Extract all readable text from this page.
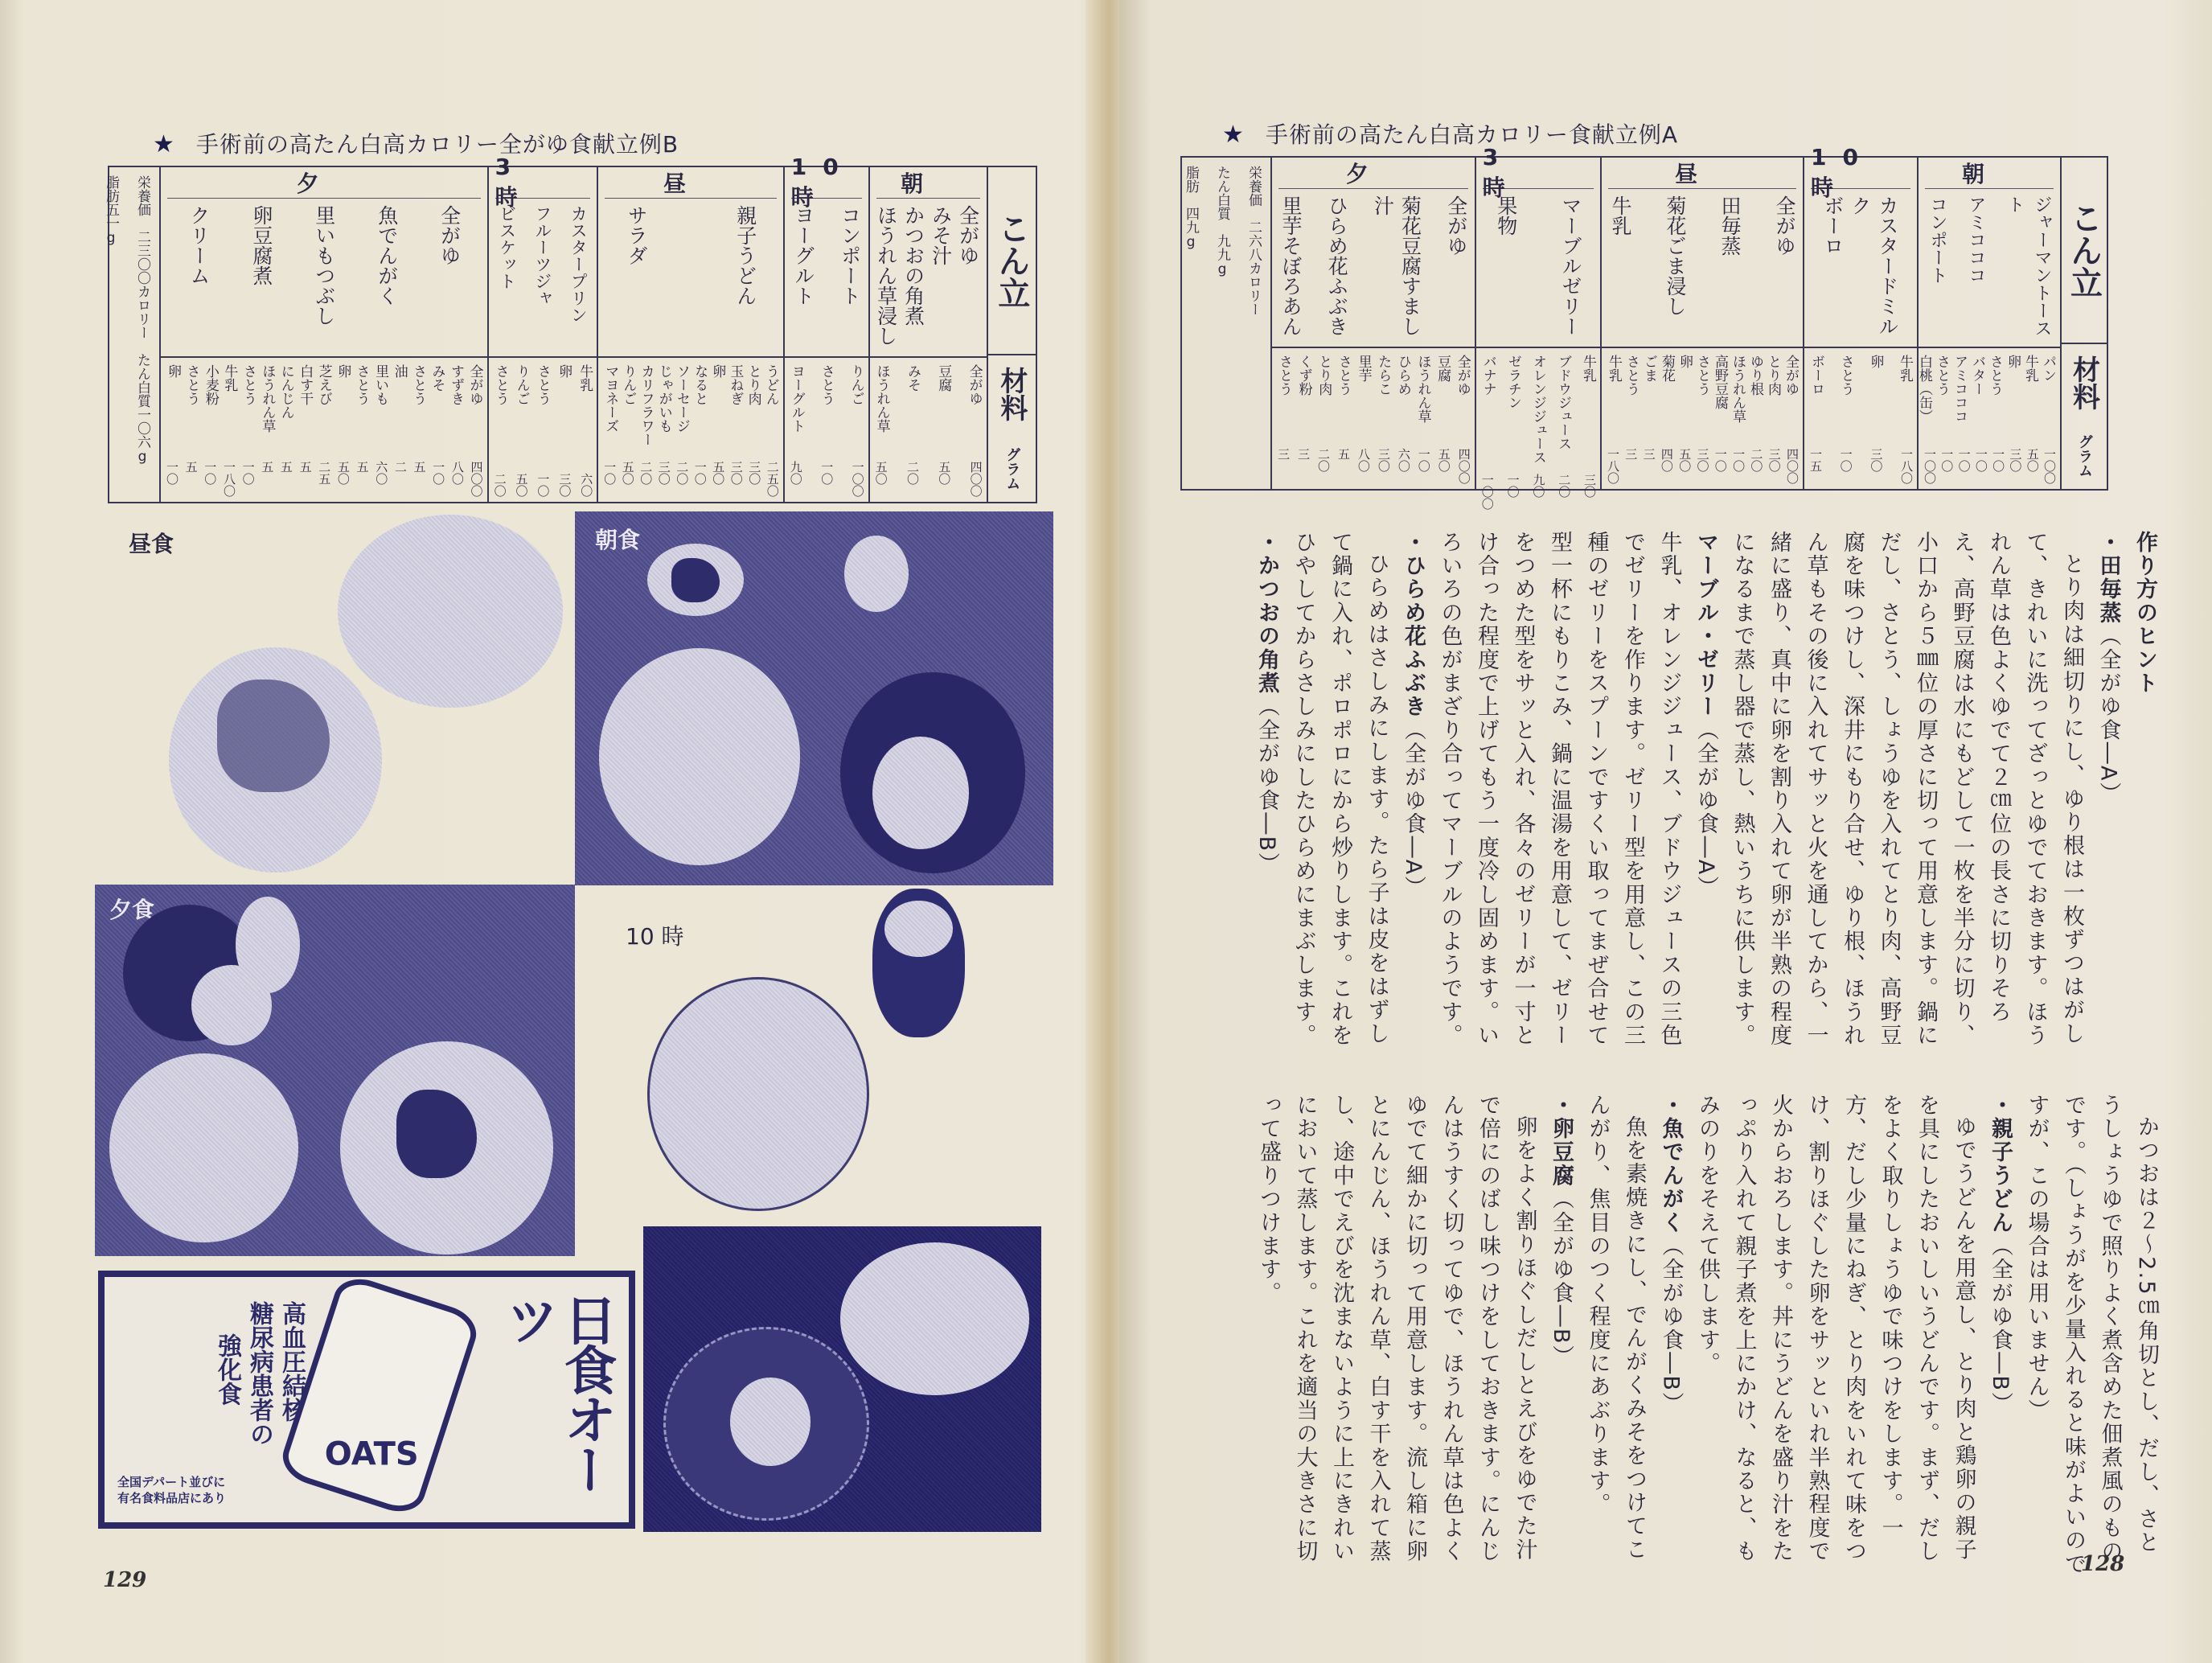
★ 手術前の高たん白高カロリー全がゆ食献立例B
こん立
材料
グラム
朝
全がゆ
みそ汁
かつおの角煮
ほうれん草浸し
全がゆ
豆腐
みそ
ほうれん草
四〇〇
五〇
二〇
五〇
10 時
コンポート
ヨーグルト
りんご
さとう
ヨーグルト
一〇〇
一〇
九〇
昼
親子うどん
サラダ
うどん
とり肉
玉ねぎ
卵
なると
ソーセージ
じゃがいも
カリフラワー
りんご
マヨネーズ
二五〇
三〇
三〇
五〇
一〇
二〇
三〇
二〇
五〇
一〇
3 時
カスタープリン
フルーツジャ
ビスケット
牛乳
卵
さとう
りんご
さとう
六〇
三〇
一〇
五〇
二〇
夕
全がゆ
魚でんがく
里いもつぶし
卵豆腐煮
クリーム
全がゆ
すずき
みそ
さとう
油
里いも
さとう
卵
芝えび
白す干
にんじん
ほうれん草
さとう
牛乳
小麦粉
さとう
卵
四〇〇
八〇
一〇
五
二
六〇
五
五〇
二五
五
五
五
一〇
一八〇
一〇
五
一〇
栄養価　二三〇〇カロリー　たん白質一〇六g
脂肪五一g
昼食	朝食
夕食
10 時
高血圧結核
糖尿病患者の
強化食
全国デパート並びに
有名食料品店にあり
OATS	日食オーツ
129
★ 手術前の高たん白高カロリー食献立例A
こん立
材料
グラム
朝
ジャーマントースト
アミコココ
コンポート
パン
牛乳
卵
さとう
バター
アミコココ
さとう
白桃（缶）
一〇〇
五〇
三〇
一〇
一〇
一〇
一〇
一〇〇
10 時
カスタードミルク
ボーロ
牛乳
卵
さとう
ボーロ
一八〇
三〇
一〇
一五
昼
全がゆ
田毎蒸
菊花ごま浸し
牛乳
全がゆ
とり肉
ゆり根
ほうれん草
高野豆腐
さとう
卵
菊花
ごま
さとう
牛乳
四〇〇
三〇
二〇
一〇
一〇
三〇
五〇
四〇
三
三
一八〇
3 時
マーブルゼリー
果物
牛乳
ブドウジュース
オレンジジュース
ゼラチン
バナナ
三〇
二〇
九〇
一〇
一〇〇
夕
全がゆ
菊花豆腐すまし汁
ひらめ花ふぶき
里芋そぼろあん
全がゆ
豆腐
ほうれん草
ひらめ
たらこ
里芋
さとう
とり肉
くず粉
さとう
四〇〇
五〇
一〇
六〇
三〇
八〇
五
二〇
三
三
栄養価　二六八カロリー
たん白質　九九g
脂肪　四九g

作り方のヒント

・田毎蒸（全がゆ食―A）

とり肉は細切りにし、ゆり根は一枚ずつはがして、きれいに洗ってざっとゆでておきます。ほうれん草は色よくゆでて２㎝位の長さに切りそろえ、高野豆腐は水にもどして一枚を半分に切り、小口から５㎜位の厚さに切って用意します。鍋にだし、さとう、しょうゆを入れてとり肉、高野豆腐を味つけし、深井にもり合せ、ゆり根、ほうれん草もその後に入れてサッと火を通してから、一緒に盛り、真中に卵を割り入れて卵が半熟の程度になるまで蒸し器で蒸し、熱いうちに供します。

マーブル・ゼリー（全がゆ食―A）

牛乳、オレンジジュース、ブドウジュースの三色でゼリーを作ります。ゼリー型を用意し、この三種のゼリーをスプーンですくい取ってまぜ合せて型一杯にもりこみ、鍋に温湯を用意して、ゼリーをつめた型をサッと入れ、各々のゼリーが一寸とけ合った程度で上げてもう一度冷し固めます。いろいろの色がまざり合ってマーブルのようです。

・ひらめ花ふぶき（全がゆ食―A）

ひらめはさしみにします。たら子は皮をはずして鍋に入れ、ポロポロにから炒りします。これをひやしてからさしみにしたひらめにまぶします。

・かつおの角煮（全がゆ食―B）

かつおは２～2.5㎝角切とし、だし、さとうしょうゆで照りよく煮含めた佃煮風のものです。（しょうがを少量入れると味がよいのですが、この場合は用いません）

・親子うどん（全がゆ食―B）

ゆでうどんを用意し、とり肉と鶏卵の親子を具にしたおいしいうどんです。まず、だしをよく取りしょうゆで味つけをします。一方、だし少量にねぎ、とり肉をいれて味をつけ、割りほぐした卵をサッといれ半熟程度で火からおろします。丼にうどんを盛り汁をたっぷり入れて親子煮を上にかけ、なると、もみのりをそえて供します。

・魚でんがく（全がゆ食―B）

魚を素焼きにし、でんがくみそをつけてこんがり、焦目のつく程度にあぶります。

・卵豆腐（全がゆ食―B）

卵をよく割りほぐしだしとえびをゆでた汁で倍にのばし味つけをしておきます。にんじんはうすく切ってゆで、ほうれん草は色よくゆでて細かに切って用意します。流し箱に卵とにんじん、ほうれん草、白す干を入れて蒸し、途中でえびを沈まないように上にきれいにおいて蒸します。これを適当の大きさに切って盛りつけます。

128
